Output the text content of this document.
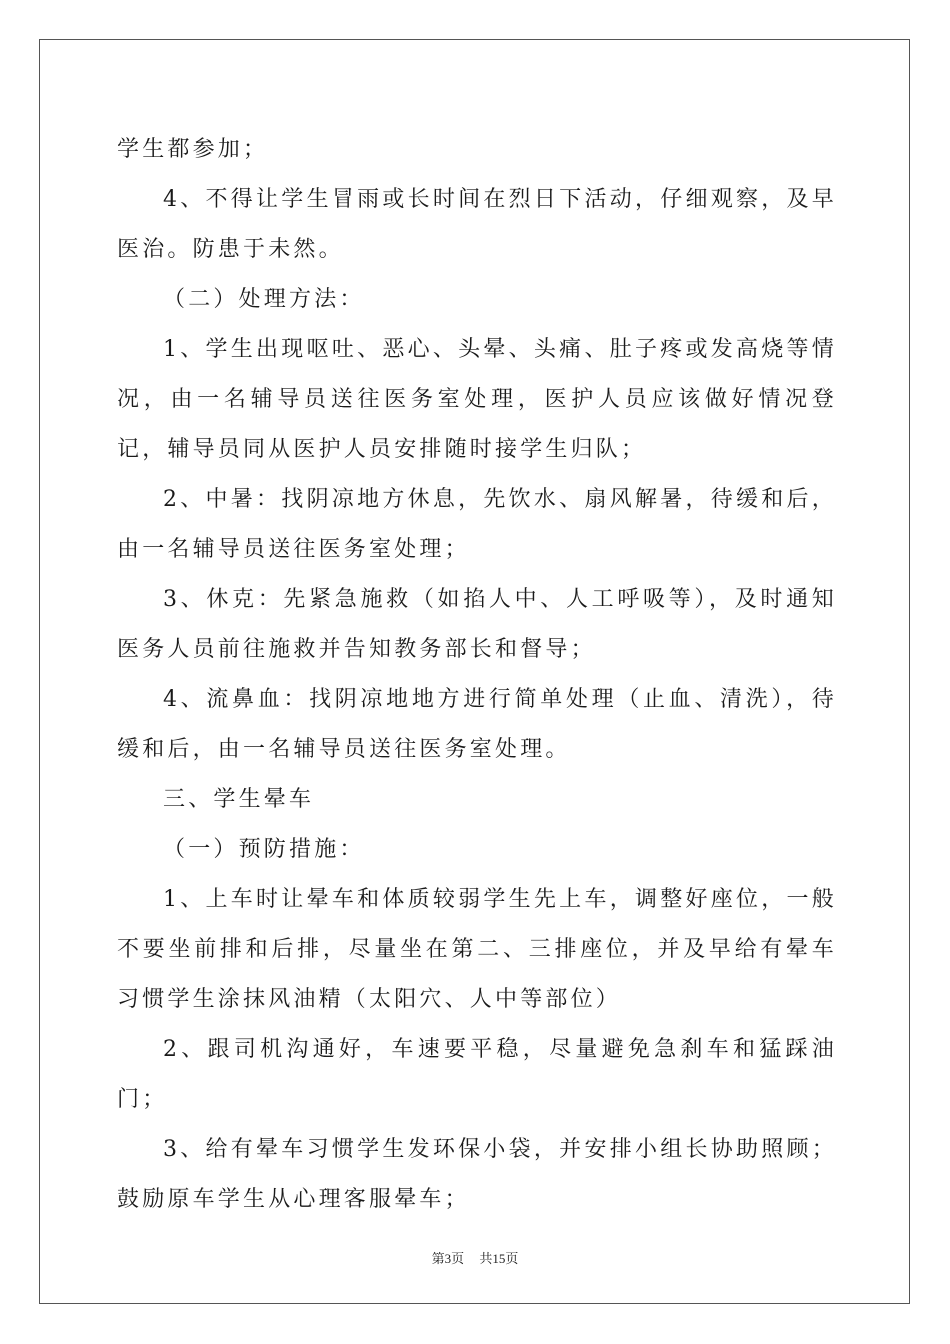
学生都参加；

4、不得让学生冒雨或长时间在烈日下活动，仔细观察，及早医治。防患于未然。

（二）处理方法：

1、学生出现呕吐、恶心、头晕、头痛、肚子疼或发高烧等情况，由一名辅导员送往医务室处理，医护人员应该做好情况登记，辅导员同从医护人员安排随时接学生归队；

2、中暑：找阴凉地方休息，先饮水、扇风解暑，待缓和后，由一名辅导员送往医务室处理；

3、休克：先紧急施救（如掐人中、人工呼吸等），及时通知医务人员前往施救并告知教务部长和督导；

4、流鼻血：找阴凉地地方进行简单处理（止血、清洗），待缓和后，由一名辅导员送往医务室处理。

三、学生晕车

（一）预防措施：

1、上车时让晕车和体质较弱学生先上车，调整好座位，一般不要坐前排和后排，尽量坐在第二、三排座位，并及早给有晕车习惯学生涂抹风油精（太阳穴、人中等部位）

2、跟司机沟通好，车速要平稳，尽量避免急刹车和猛踩油门；

3、给有晕车习惯学生发环保小袋，并安排小组长协助照顾；鼓励原车学生从心理客服晕车；

第3页 共15页
